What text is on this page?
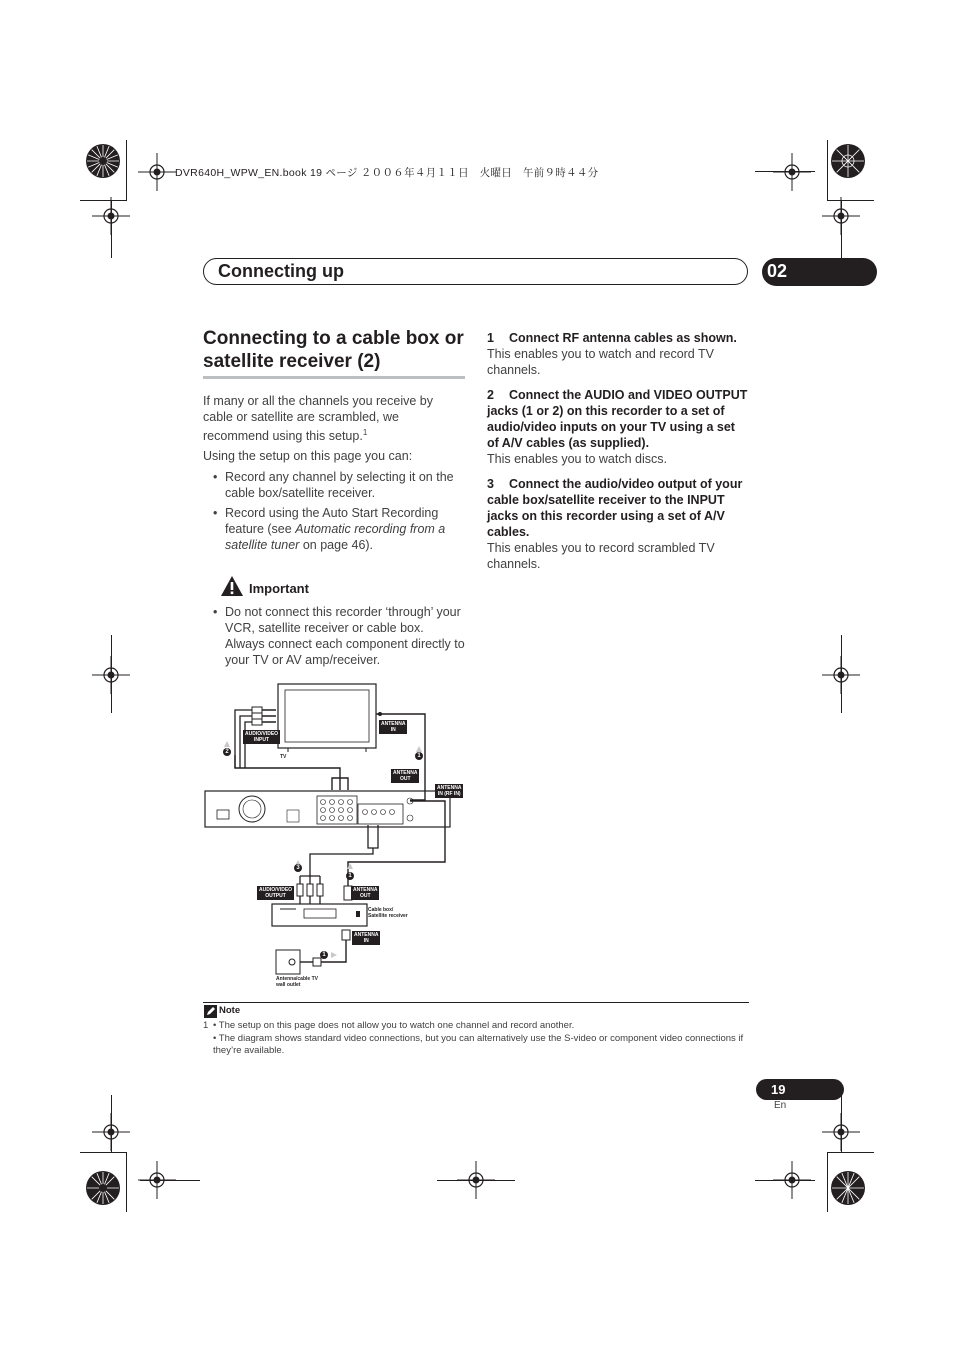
DVR640H_WPW_EN.book 19 ページ ２００６年４月１１日　火曜日　午前９時４４分
Connecting up	02
Connecting to a cable box or satellite receiver (2)

If many or all the channels you receive by cable or satellite are scrambled, we recommend using this setup.$^1$

Using the setup on this page you can:

• Record any channel by selecting it on the cable box/satellite receiver.
• Record using the Auto Start Recording feature (see Automatic recording from a satellite tuner on page 46).
Important
• Do not connect this recorder ‘through’ your VCR, satellite receiver or cable box. Always connect each component directly to your TV or AV amp/receiver.
1 Connect RF antenna cables as shown.

This enables you to watch and record TV channels.

2 Connect the AUDIO and VIDEO OUTPUT jacks (1 or 2) on this recorder to a set of audio/video inputs on your TV using a set of A/V cables (as supplied).

This enables you to watch discs.

3 Connect the audio/video output of your cable box/satellite receiver to the INPUT jacks on this recorder using a set of A/V cables.

This enables you to record scrambled TV channels.

AUDIO/VIDEO
INPUT
TV
ANTENNA
IN
ANTENNA
OUT
ANTENNA
IN (RF IN)
AUDIO/VIDEO
OUTPUT
ANTENNA
OUT
Cable box/
Satellite receiver
ANTENNA
IN
Antenna/cable TV
wall outlet
2
1
3
1
1
Note
1 • The setup on this page does not allow you to watch one channel and record another.
• The diagram shows standard video connections, but you can alternatively use the S-video or component video connections if they’re available.
19
En
